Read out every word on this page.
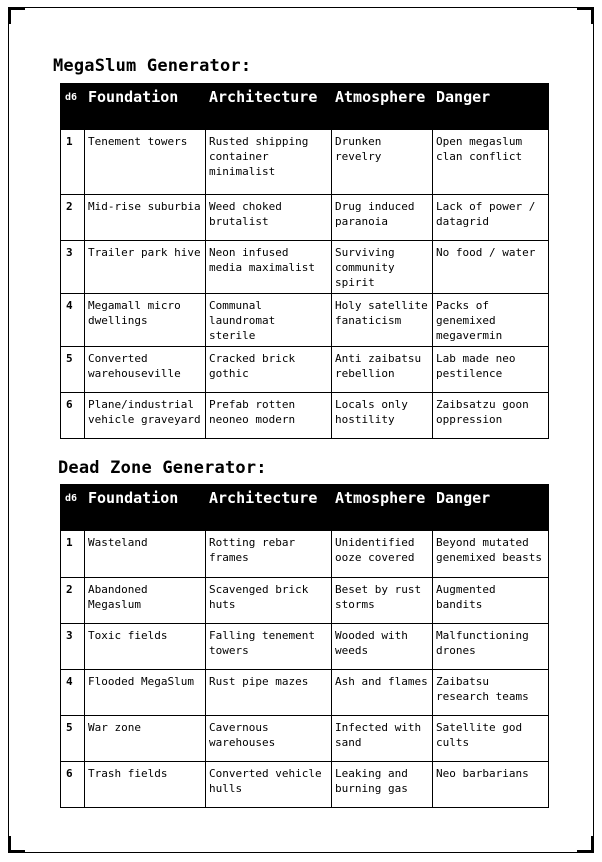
MegaSlum Generator:
d6	Foundation	Architecture	Atmosphere	Danger
1	Tenement towers	Rusted shipping container minimalist	Drunken revelry	Open megaslum clan conflict
2	Mid-rise suburbia	Weed choked brutalist	Drug induced paranoia	Lack of power / datagrid
3	Trailer park hive	Neon infused media maximalist	Surviving community spirit	No food / water
4	Megamall micro dwellings	Communal laundromat sterile	Holy satellite fanaticism	Packs of genemixed megavermin
5	Converted warehouseville	Cracked brick gothic	Anti zaibatsu rebellion	Lab made neo pestilence
6	Plane/industrial vehicle graveyard	Prefab rotten neoneo modern	Locals only hostility	Zaibsatzu goon oppression
Dead Zone Generator:
d6	Foundation	Architecture	Atmosphere	Danger
1	Wasteland	Rotting rebar frames	Unidentified ooze covered	Beyond mutated genemixed beasts
2	Abandoned Megaslum	Scavenged brick huts	Beset by rust storms	Augmented bandits
3	Toxic fields	Falling tenement towers	Wooded with weeds	Malfunctioning drones
4	Flooded MegaSlum	Rust pipe mazes	Ash and flames	Zaibatsu research teams
5	War zone	Cavernous warehouses	Infected with sand	Satellite god cults
6	Trash fields	Converted vehicle hulls	Leaking and burning gas	Neo barbarians
